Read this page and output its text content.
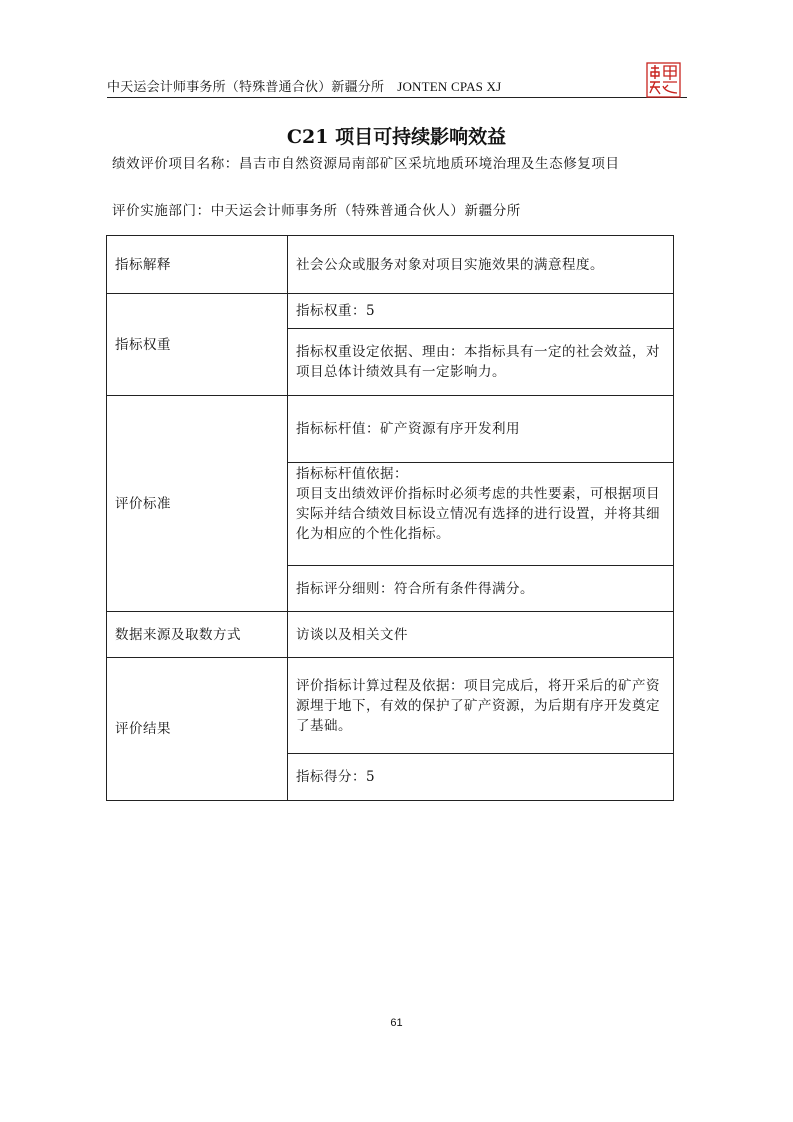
中天运会计师事务所（特殊普通合伙）新疆分所 JONTEN CPAS XJ
C21 项目可持续影响效益
绩效评价项目名称：昌吉市自然资源局南部矿区采坑地质环境治理及生态修复项目
评价实施部门：中天运会计师事务所（特殊普通合伙人）新疆分所
指标解释	社会公众或服务对象对项目实施效果的满意程度。
指标权重	指标权重：5
	指标权重设定依据、理由：本指标具有一定的社会效益，对项目总体计绩效具有一定影响力。
评价标准	指标标杆值：矿产资源有序开发利用

	指标标杆值依据：
项目支出绩效评价指标时必须考虑的共性要素，可根据项目实际并结合绩效目标设立情况有选择的进行设置，并将其细化为相应的个性化指标。

	指标评分细则：符合所有条件得满分。
数据来源及取数方式	访谈以及相关文件
评价结果	评价指标计算过程及依据：项目完成后，将开采后的矿产资源埋于地下，有效的保护了矿产资源，为后期有序开发奠定了基础。
	指标得分：5
61
